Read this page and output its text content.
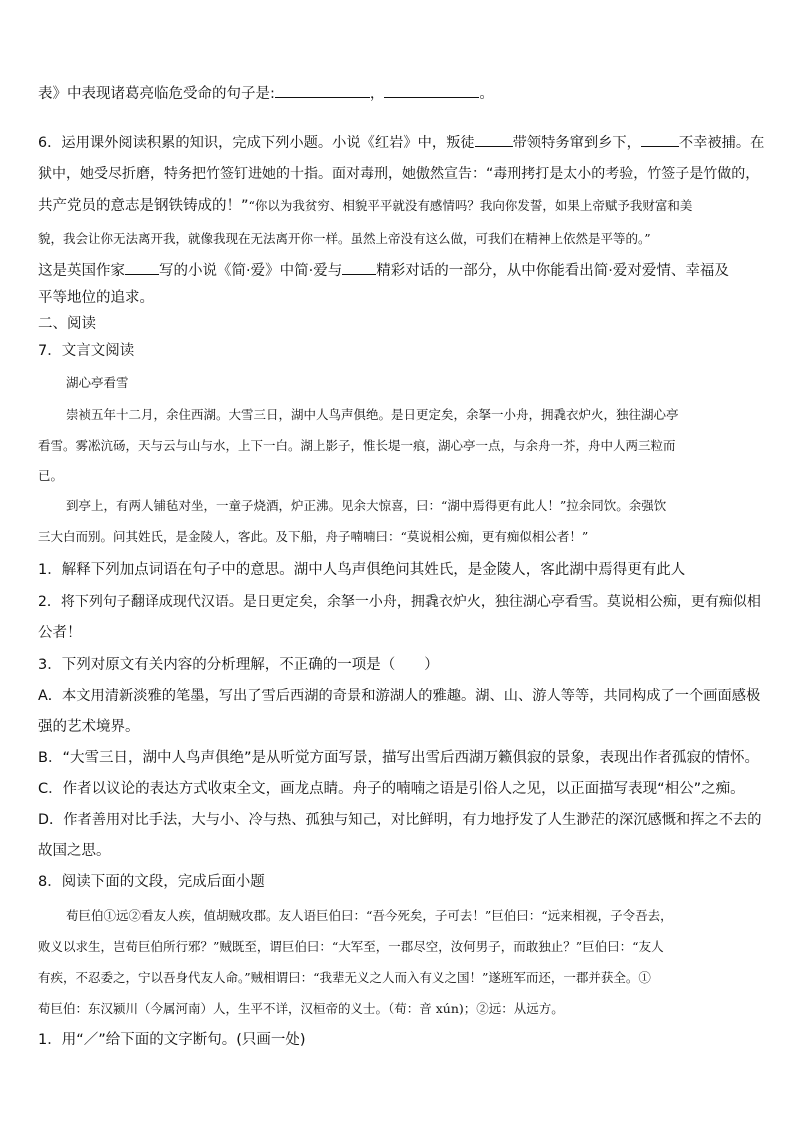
表》中表现诸葛亮临危受命的句子是:	，	。
6．运用课外阅读积累的知识，完成下列小题。小说《红岩》中，叛徒	带领特务窜到乡下，	不幸被捕。在
狱中，她受尽折磨，特务把竹签钉进她的十指。面对毒刑，她傲然宣告：“毒刑拷打是太小的考验，竹签子是竹做的，
共产党员的意志是钢铁铸成的！”“你以为我贫穷、相貌平平就没有感情吗？我向你发誓，如果上帝赋予我财富和美
貌，我会让你无法离开我，就像我现在无法离开你一样。虽然上帝没有这么做，可我们在精神上依然是平等的。”
这是英国作家 写的小说《简·爱》中简·爱与 精彩对话的一部分，从中你能看出简·爱对爱情、幸福及
平等地位的追求。
二、阅读
7．文言文阅读
湖心亭看雪
崇祯五年十二月，余住西湖。大雪三日，湖中人鸟声俱绝。是日更定矣，余拏一小舟，拥毳衣炉火，独往湖心亭
看雪。雾凇沆砀，天与云与山与水，上下一白。湖上影子，惟长堤一痕，湖心亭一点，与余舟一芥，舟中人两三粒而
已。
到亭上，有两人铺毡对坐，一童子烧酒，炉正沸。见余大惊喜，曰：“湖中焉得更有此人！”拉余同饮。余强饮
三大白而别。问其姓氏，是金陵人，客此。及下船，舟子喃喃曰：“莫说相公痴，更有痴似相公者！”
1．解释下列加点词语在句子中的意思。湖中人鸟声俱绝问其姓氏，是金陵人，客此湖中焉得更有此人
2．将下列句子翻译成现代汉语。是日更定矣，余拏一小舟，拥毳衣炉火，独往湖心亭看雪。莫说相公痴，更有痴似相
公者！
3．下列对原文有关内容的分析理解，不正确的一项是（　　）
A．本文用清新淡雅的笔墨，写出了雪后西湖的奇景和游湖人的雅趣。湖、山、游人等等，共同构成了一个画面感极
强的艺术境界。
B．“大雪三日，湖中人鸟声俱绝”是从听觉方面写景，描写出雪后西湖万籁俱寂的景象，表现出作者孤寂的情怀。
C．作者以议论的表达方式收束全文，画龙点睛。舟子的喃喃之语是引俗人之见，以正面描写表现“相公”之痴。
D．作者善用对比手法，大与小、冷与热、孤独与知己，对比鲜明，有力地抒发了人生渺茫的深沉感慨和挥之不去的
故国之思。
8．阅读下面的文段，完成后面小题
荀巨伯①远②看友人疾，值胡贼攻郡。友人语巨伯曰：“吾今死矣，子可去！”巨伯曰：“远来相视，子令吾去，
败义以求生，岂荀巨伯所行邪？”贼既至，谓巨伯曰：“大军至，一郡尽空，汝何男子，而敢独止？”巨伯曰：“友人
有疾，不忍委之，宁以吾身代友人命。”贼相谓曰：“我辈无义之人而入有义之国！”遂班军而还，一郡并获全。①
荀巨伯：东汉颍川（今属河南）人，生平不详，汉桓帝的义士。（荀：音 xún)；②远：从远方。
1．用“／”给下面的文字断句。(只画一处)
